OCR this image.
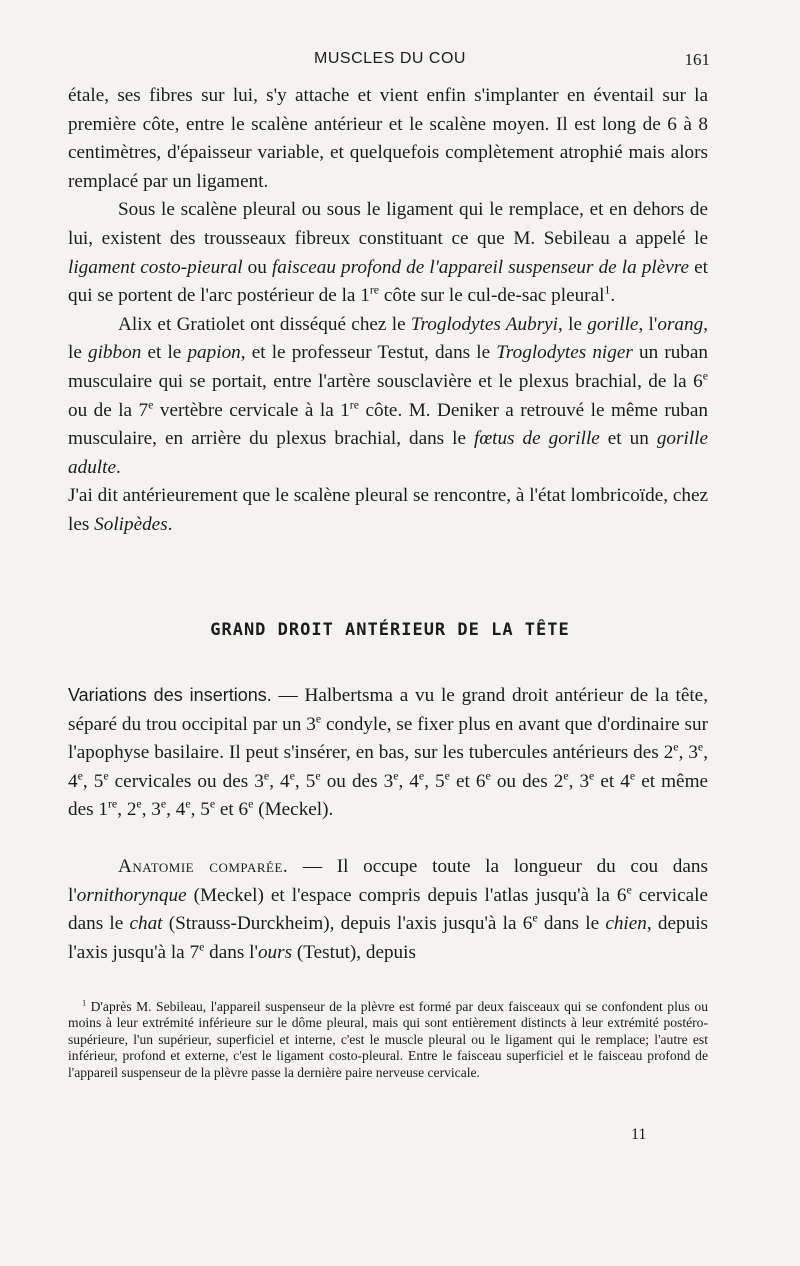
MUSCLES DU COU	161

étale, ses fibres sur lui, s'y attache et vient enfin s'implanter en éventail sur la première côte, entre le scalène antérieur et le scalène moyen. Il est long de 6 à 8 centimètres, d'épaisseur variable, et quelquefois complètement atrophié mais alors remplacé par un ligament.

Sous le scalène pleural ou sous le ligament qui le remplace, et en dehors de lui, existent des trousseaux fibreux constituant ce que M. Sebileau a appelé le ligament costo-pieural ou faisceau profond de l'appareil suspenseur de la plèvre et qui se portent de l'arc postérieur de la 1re côte sur le cul-de-sac pleural$^1$.

Alix et Gratiolet ont disséqué chez le Troglodytes Aubryi, le gorille, l'orang, le gibbon et le papion, et le professeur Testut, dans le Troglodytes niger un ruban musculaire qui se portait, entre l'artère sousclavière et le plexus brachial, de la 6e ou de la 7e vertèbre cervicale à la 1re côte. M. Deniker a retrouvé le même ruban musculaire, en arrière du plexus brachial, dans le fœtus de gorille et un gorille adulte.

J'ai dit antérieurement que le scalène pleural se rencontre, à l'état lombricoïde, chez les Solipèdes.

GRAND DROIT ANTÉRIEUR DE LA TÊTE

Variations des insertions. — Halbertsma a vu le grand droit antérieur de la tête, séparé du trou occipital par un 3e condyle, se fixer plus en avant que d'ordinaire sur l'apophyse basilaire. Il peut s'insérer, en bas, sur les tubercules antérieurs des 2e, 3e, 4e, 5e cervicales ou des 3e, 4e, 5e ou des 3e, 4e, 5e et 6e ou des 2e, 3e et 4e et même des 1re, 2e, 3e, 4e, 5e et 6e (Meckel).

Anatomie comparée. — Il occupe toute la longueur du cou dans l'ornithorynque (Meckel) et l'espace compris depuis l'atlas jusqu'à la 6e cervicale dans le chat (Strauss-Durckheim), depuis l'axis jusqu'à la 6e dans le chien, depuis l'axis jusqu'à la 7e dans l'ours (Testut), depuis

$^1$ D'après M. Sebileau, l'appareil suspenseur de la plèvre est formé par deux faisceaux qui se confondent plus ou moins à leur extrémité inférieure sur le dôme pleural, mais qui sont entièrement distincts à leur extrémité postéro-supérieure, l'un supérieur, superficiel et interne, c'est le muscle pleural ou le ligament qui le remplace; l'autre est inférieur, profond et externe, c'est le ligament costo-pleural. Entre le faisceau superficiel et le faisceau profond de l'appareil suspenseur de la plèvre passe la dernière paire nerveuse cervicale.

11
